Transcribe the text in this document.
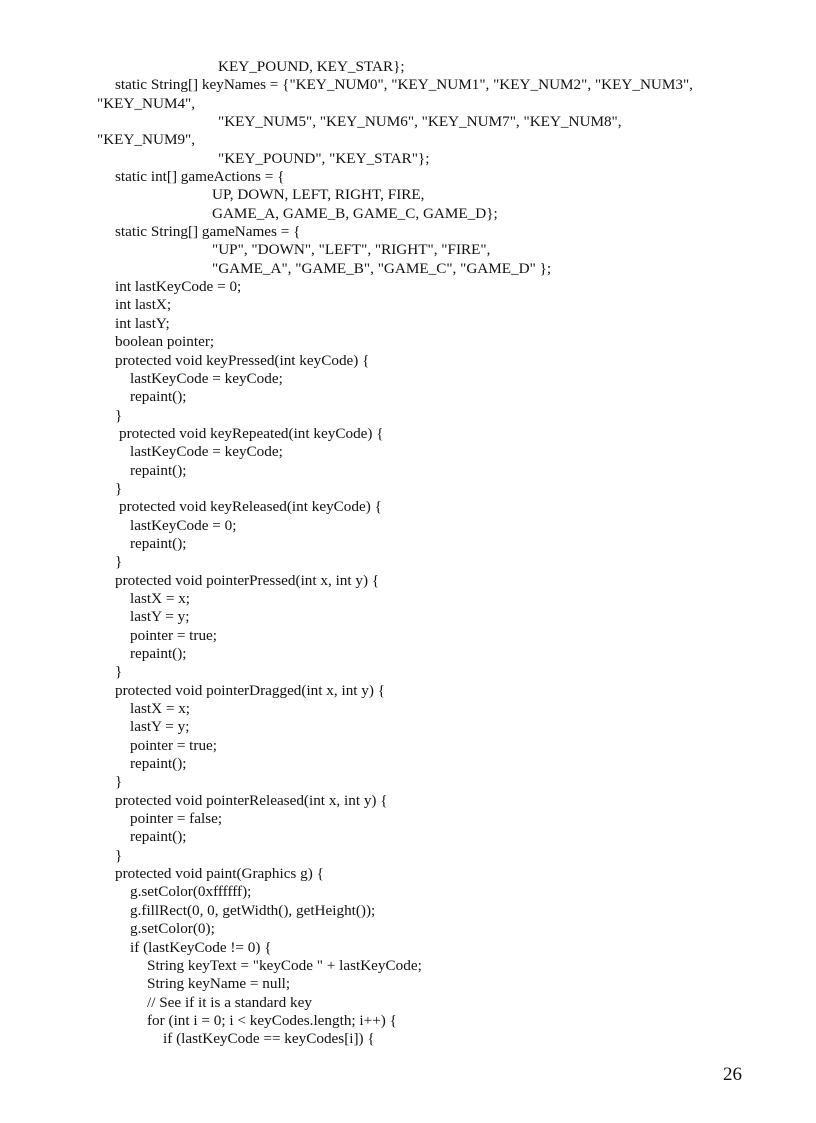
KEY_POUND, KEY_STAR};
static String[] keyNames = {"KEY_NUM0", "KEY_NUM1", "KEY_NUM2", "KEY_NUM3",
"KEY_NUM4",
"KEY_NUM5", "KEY_NUM6", "KEY_NUM7", "KEY_NUM8",
"KEY_NUM9",
"KEY_POUND", "KEY_STAR"};
static int[] gameActions = {
UP, DOWN, LEFT, RIGHT, FIRE,
GAME_A, GAME_B, GAME_C, GAME_D};
static String[] gameNames = {
"UP", "DOWN", "LEFT", "RIGHT", "FIRE",
"GAME_A", "GAME_B", "GAME_C", "GAME_D" };
int lastKeyCode = 0;
int lastX;
int lastY;
boolean pointer;
protected void keyPressed(int keyCode) {
lastKeyCode = keyCode;
repaint();
}
protected void keyRepeated(int keyCode) {
lastKeyCode = keyCode;
repaint();
}
protected void keyReleased(int keyCode) {
lastKeyCode = 0;
repaint();
}
protected void pointerPressed(int x, int y) {
lastX = x;
lastY = y;
pointer = true;
repaint();
}
protected void pointerDragged(int x, int y) {
lastX = x;
lastY = y;
pointer = true;
repaint();
}
protected void pointerReleased(int x, int y) {
pointer = false;
repaint();
}
protected void paint(Graphics g) {
g.setColor(0xffffff);
g.fillRect(0, 0, getWidth(), getHeight());
g.setColor(0);
if (lastKeyCode != 0) {
String keyText = "keyCode " + lastKeyCode;
String keyName = null;
// See if it is a standard key
for (int i = 0; i < keyCodes.length; i++) {
if (lastKeyCode == keyCodes[i]) {
26
